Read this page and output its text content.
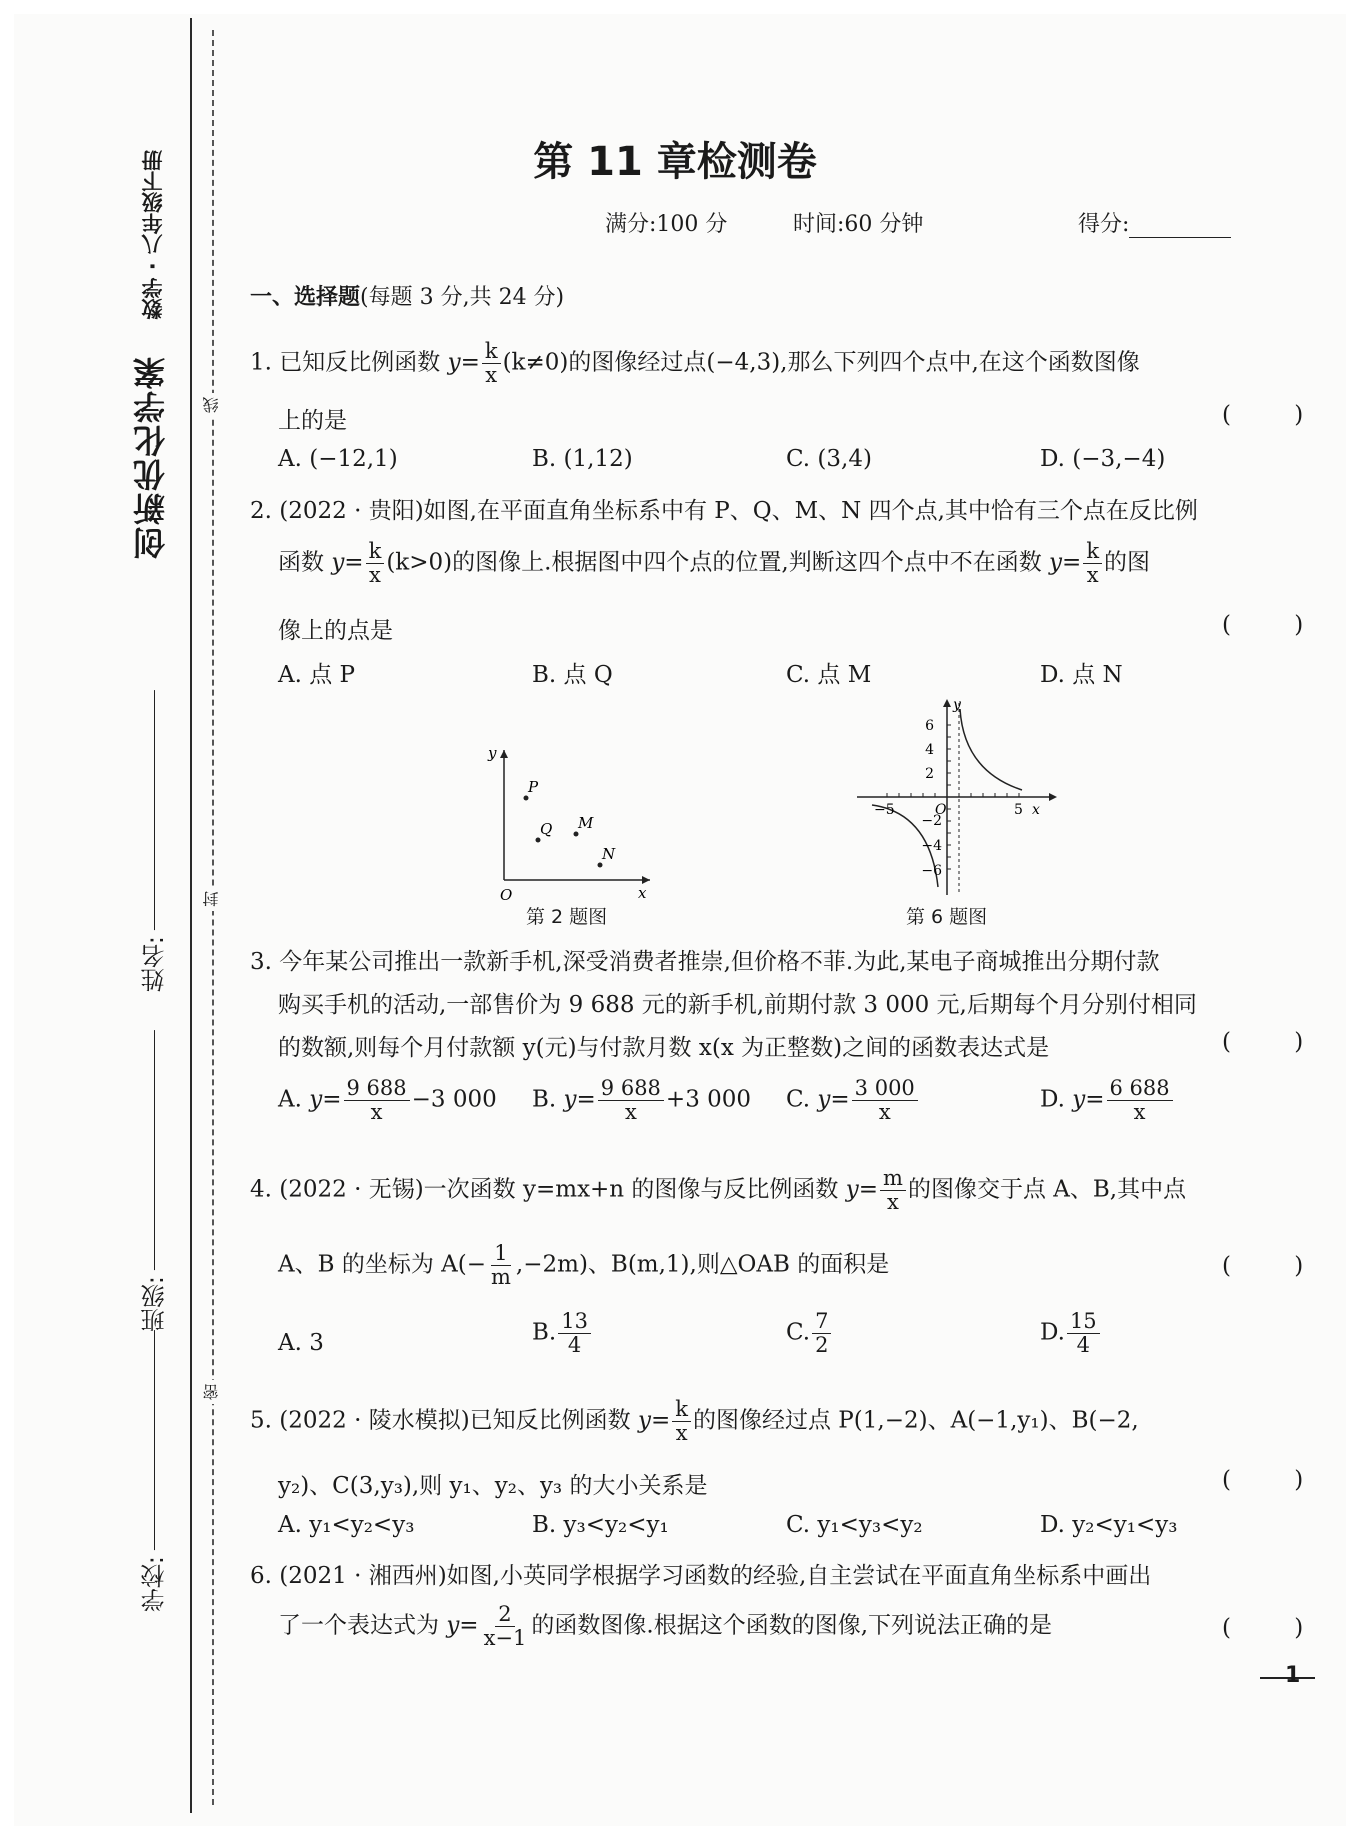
数学 · 八年级下册
创新优化学案
学校:
班级:
姓名:
线
封
密
第 11 章检测卷
满分:100 分	时间:60 分钟	得分:
一、选择题(每题 3 分,共 24 分)
1. 已知反比例函数 $y= \frac{k}{x} (k\ne 0)$的图像经过点(−4,3),那么下列四个点中,在这个函数图像
上的是	( )
A. (−12,1)	B. (1,12)	C. (3,4)	D. (−3,−4)
2. (2022 · 贵阳)如图,在平面直角坐标系中有 P、Q、M、N 四个点,其中恰有三个点在反比例
函数 $y= \frac{k}{x} (k>0)$的图像上.根据图中四个点的位置,判断这四个点中不在函数 $y= \frac{k}{x}$ 的图
像上的点是	( )
A. 点 P	B. 点 Q	C. 点 M	D. 点 N
y
x
O
P
Q M
N
第 2 题图
6
4
2
−2
−4
−6
−5	5
y
x
O
第 6 题图
3. 今年某公司推出一款新手机,深受消费者推崇,但价格不菲.为此,某电子商城推出分期付款
购买手机的活动,一部售价为 9 688 元的新手机,前期付款 3 000 元,后期每个月分别付相同
的数额,则每个月付款额 y(元)与付款月数 x(x 为正整数)之间的函数表达式是	( )
A. $y= \frac{9 688}{x} -3$ 000 B. $y= \frac{9 688}{x} +3$ 000 C. $y= \frac{3 000}{x}$	D. $y= \frac{6 688}{x}$
4. (2022 · 无锡)一次函数 y=mx+n 的图像与反比例函数 $y= \frac{m}{x}$ 的图像交于点 A、B,其中点
A、B 的坐标为 $A(- \frac{1}{m} ,-2m)$、B(m,1),则△OAB 的面积是	( )
A. 3	B. $\frac{13}{4}$	C. $\frac{7}{2}$	D. $\frac{15}{4}$
5. (2022 · 陵水模拟)已知反比例函数 $y= \frac{k}{x}$ 的图像经过点 P(1,−2)、A(−1,y₁)、B(−2,
y₂)、C(3,y₃),则 y₁、y₂、y₃ 的大小关系是	( )
A. y₁<y₂<y₃	B. y₃<y₂<y₁	C. y₁<y₃<y₂	D. y₂<y₁<y₃
6. (2021 · 湘西州)如图,小英同学根据学习函数的经验,自主尝试在平面直角坐标系中画出
了一个表达式为 $y= \frac{2}{x-1}$ 的函数图像.根据这个函数的图像,下列说法正确的是	( )
1
